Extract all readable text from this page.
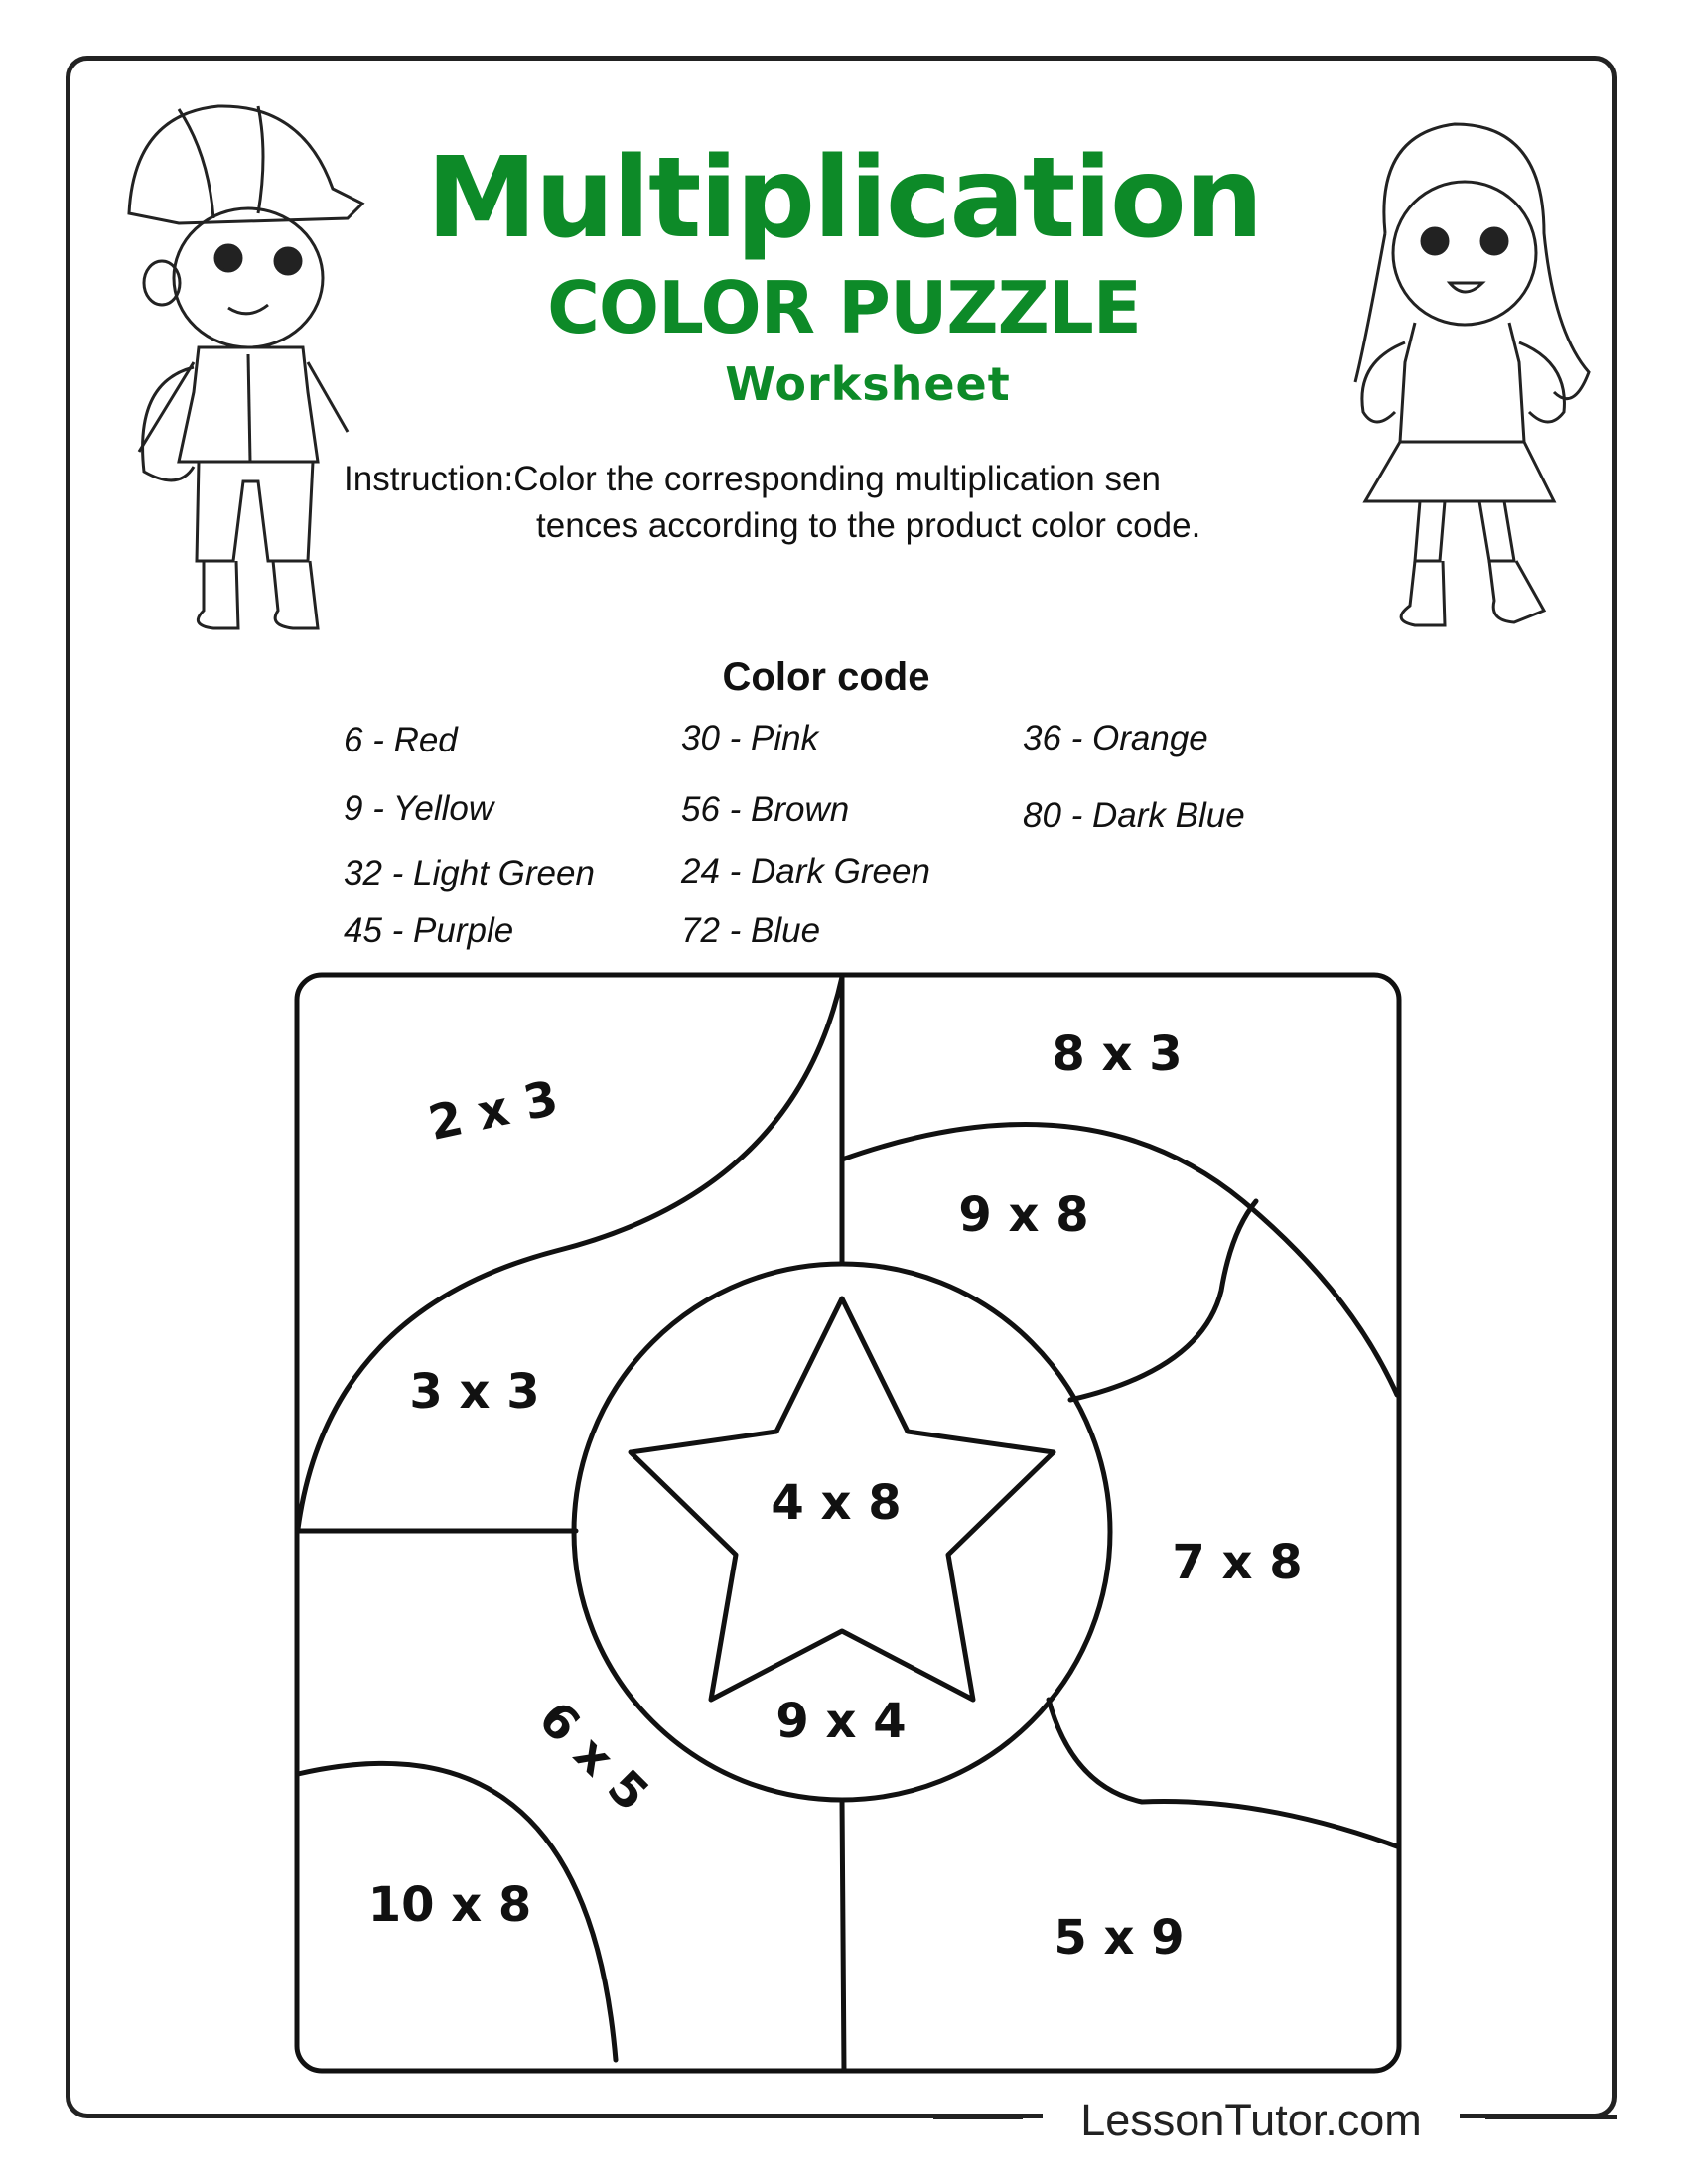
Multiplication
COLOR PUZZLE
Worksheet
Instruction:Color the corresponding multiplication sen
tences according to the product color code.
Color code
6 - Red
9 - Yellow
32 - Light Green
45 - Purple
30 - Pink
56 - Brown
24 - Dark Green
72 - Blue
36 - Orange
80 - Dark Blue
2 x 3
3 x 3
6 x 5
10 x 8
8 x 3
9 x 8
4 x 8
9 x 4
7 x 8
5 x 9
LessonTutor.com
